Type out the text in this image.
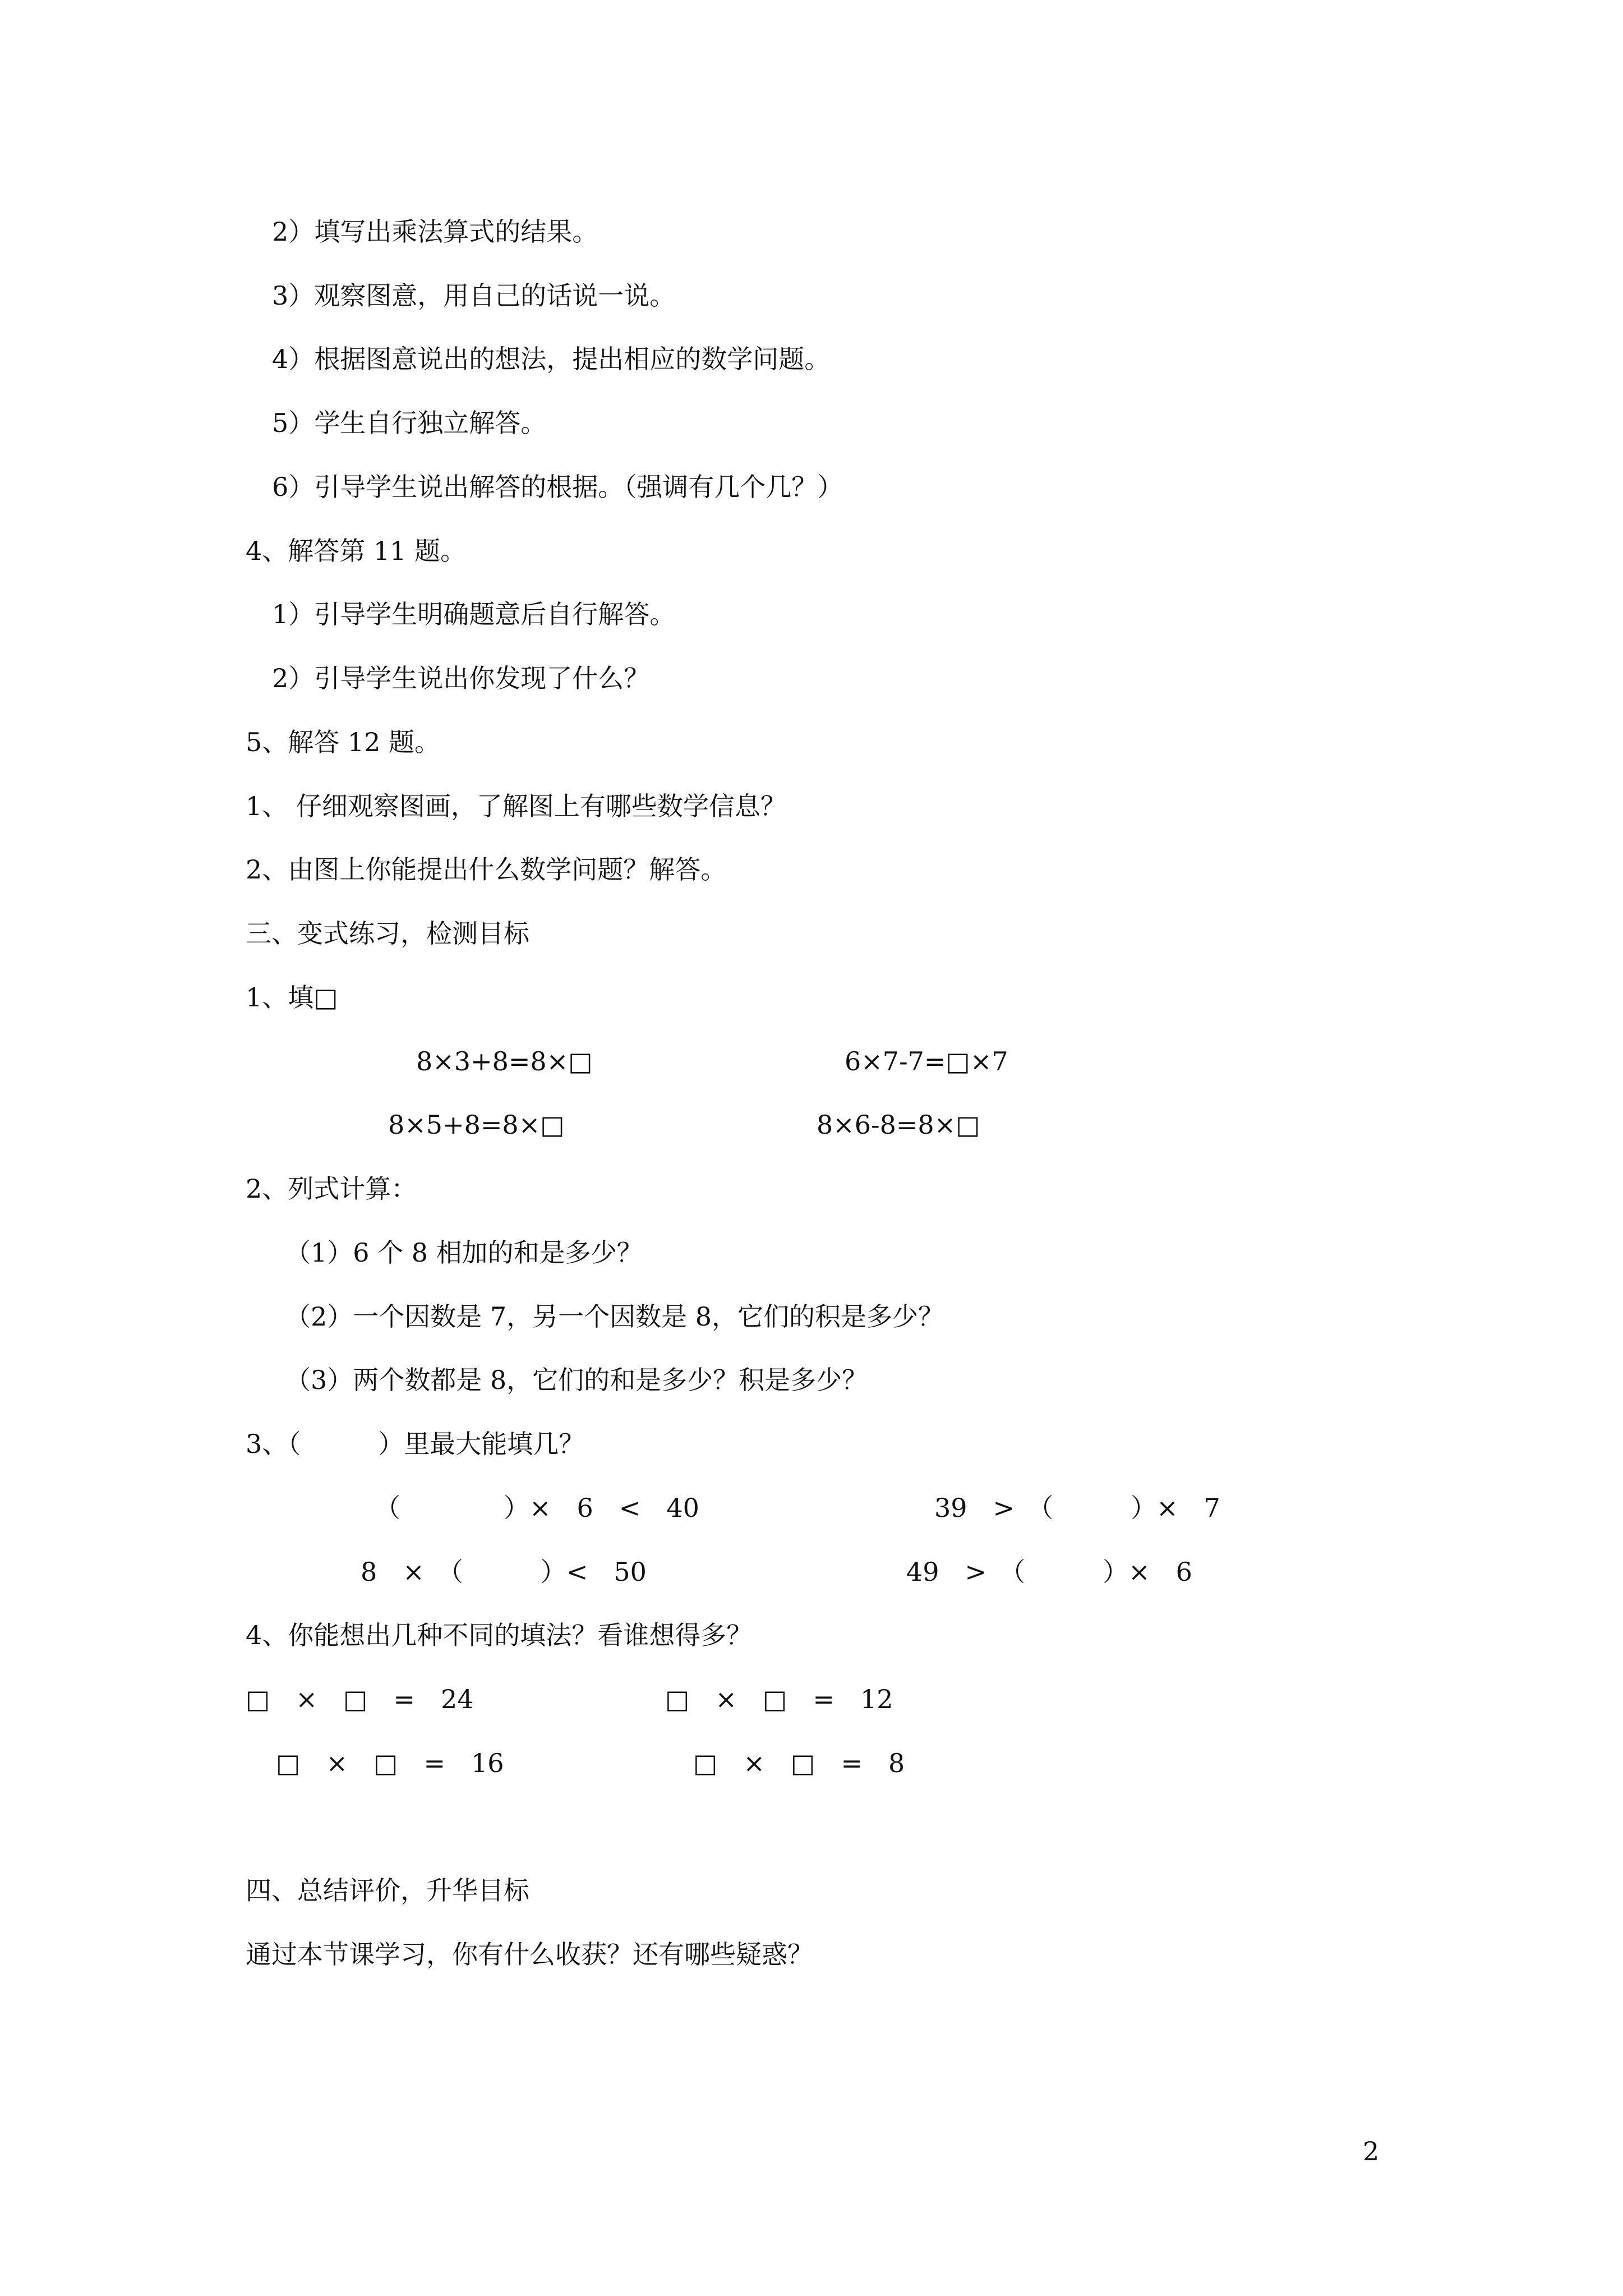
2）填写出乘法算式的结果。
3）观察图意，用自己的话说一说。
4）根据图意说出的想法，提出相应的数学问题。
5）学生自行独立解答。
6）引导学生说出解答的根据。（强调有几个几？）
4、解答第 11 题。
1）引导学生明确题意后自行解答。
2）引导学生说出你发现了什么？
5、解答 12 题。
1、 仔细观察图画，了解图上有哪些数学信息？
2、由图上你能提出什么数学问题？解答。
三、变式练习，检测目标
1、填□
8×3+8=8×□	6×7-7=□×7
8×5+8=8×□	8×6-8=8×□
2、列式计算：
（1）6 个 8 相加的和是多少？
（2）一个因数是 7，另一个因数是 8，它们的积是多少？
（3）两个数都是 8，它们的和是多少？积是多少？
3、（　　　）里最大能填几？
（　　　　）×　6　<　40	39　>　（　　　）×　7
8　×　（　　　）<　50	49　>　（　　　）×　6
4、你能想出几种不同的填法？看谁想得多？
□　×　□　=　24	□　×　□　=　12
□　×　□　=　16	□　×　□　=　8
四、总结评价，升华目标
通过本节课学习，你有什么收获？还有哪些疑惑？
2
